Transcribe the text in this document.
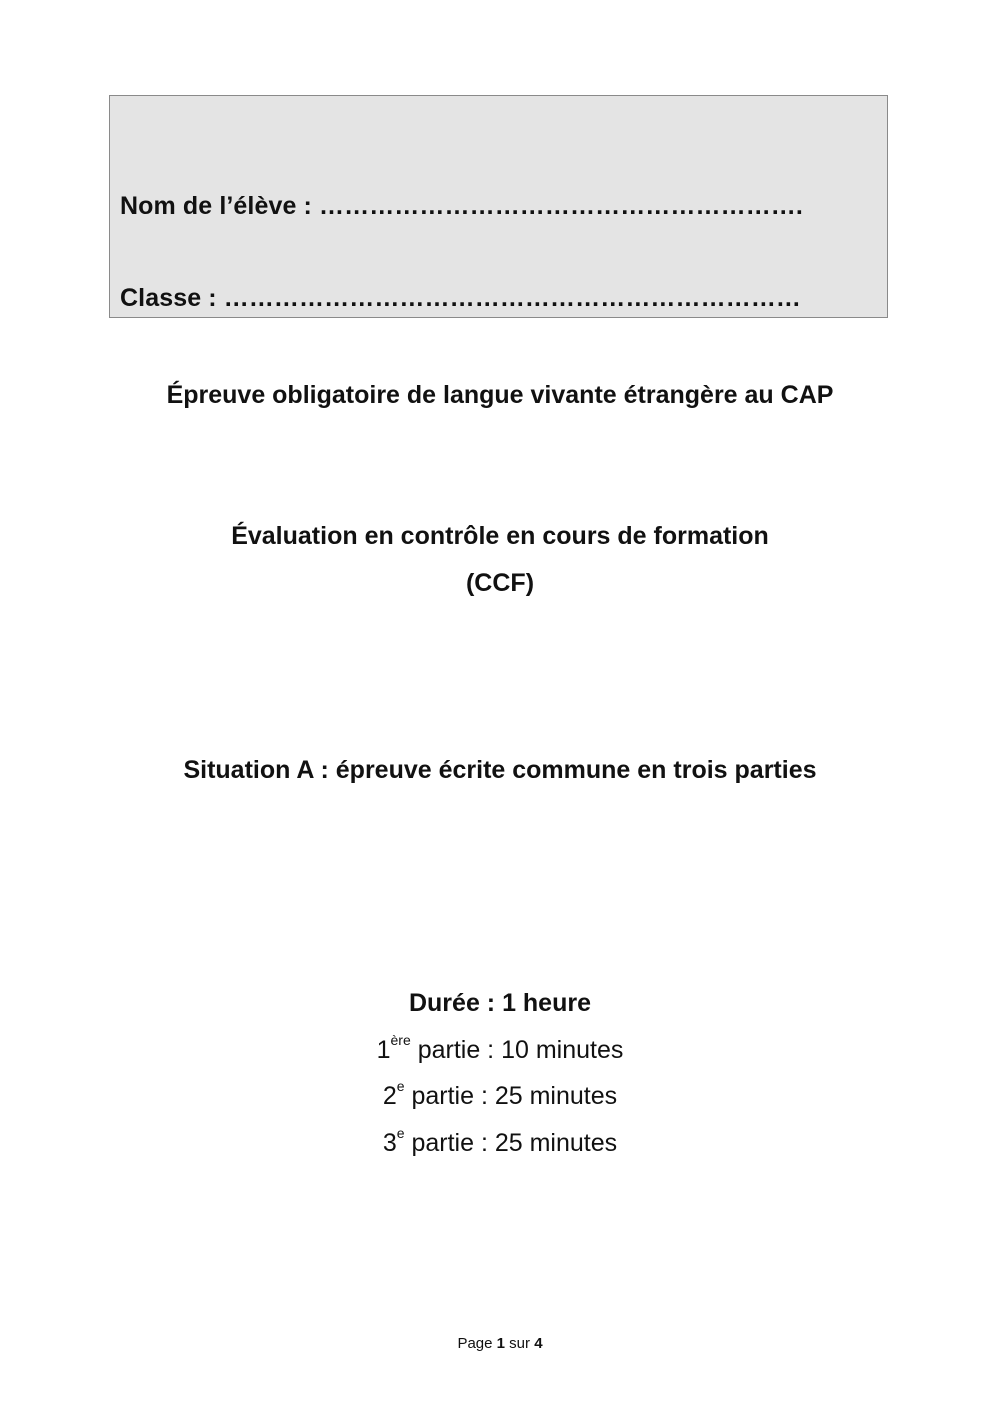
Nom de l’élève : ………………………………………………….
Classe : ……………………………………………………………
Épreuve obligatoire de langue vivante étrangère au CAP
Évaluation en contrôle en cours de formation
(CCF)
Situation A : épreuve écrite commune en trois parties
Durée : 1 heure
1ère partie : 10 minutes
2e partie : 25 minutes
3e partie : 25 minutes
Page 1 sur 4
